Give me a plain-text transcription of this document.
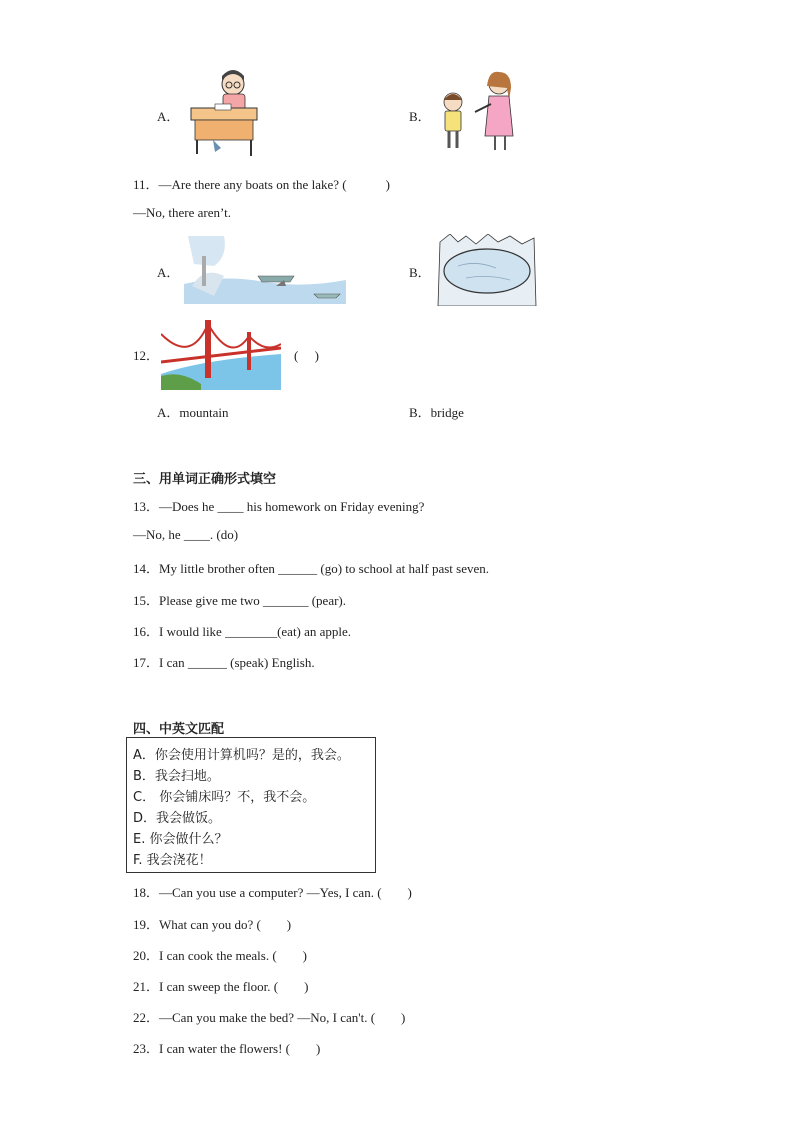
A．	B．
11．—Are there any boats on the lake? (　　　)
—No, there aren’t.
A．	B．
12．	(　 )
A．mountain	B．bridge
三、用单词正确形式填空
13．—Does he ____ his homework on Friday evening?
—No, he ____. (do)
14．My little brother often ______ (go) to school at half past seven.
15．Please give me two _______ (pear).
16．I would like ________(eat) an apple.
17．I can ______ (speak) English.
四、中英文匹配
A．你会使用计算机吗？是的，我会。
B．我会扫地。
C． 你会铺床吗？不，我不会。
D．我会做饭。
E. 你会做什么？
F. 我会浇花！
18．—Can you use a computer? —Yes, I can. (　　)
19．What can you do? (　　)
20．I can cook the meals. (　　)
21．I can sweep the floor. (　　)
22．—Can you make the bed? —No, I can't. (　　)
23．I can water the flowers! (　　)
